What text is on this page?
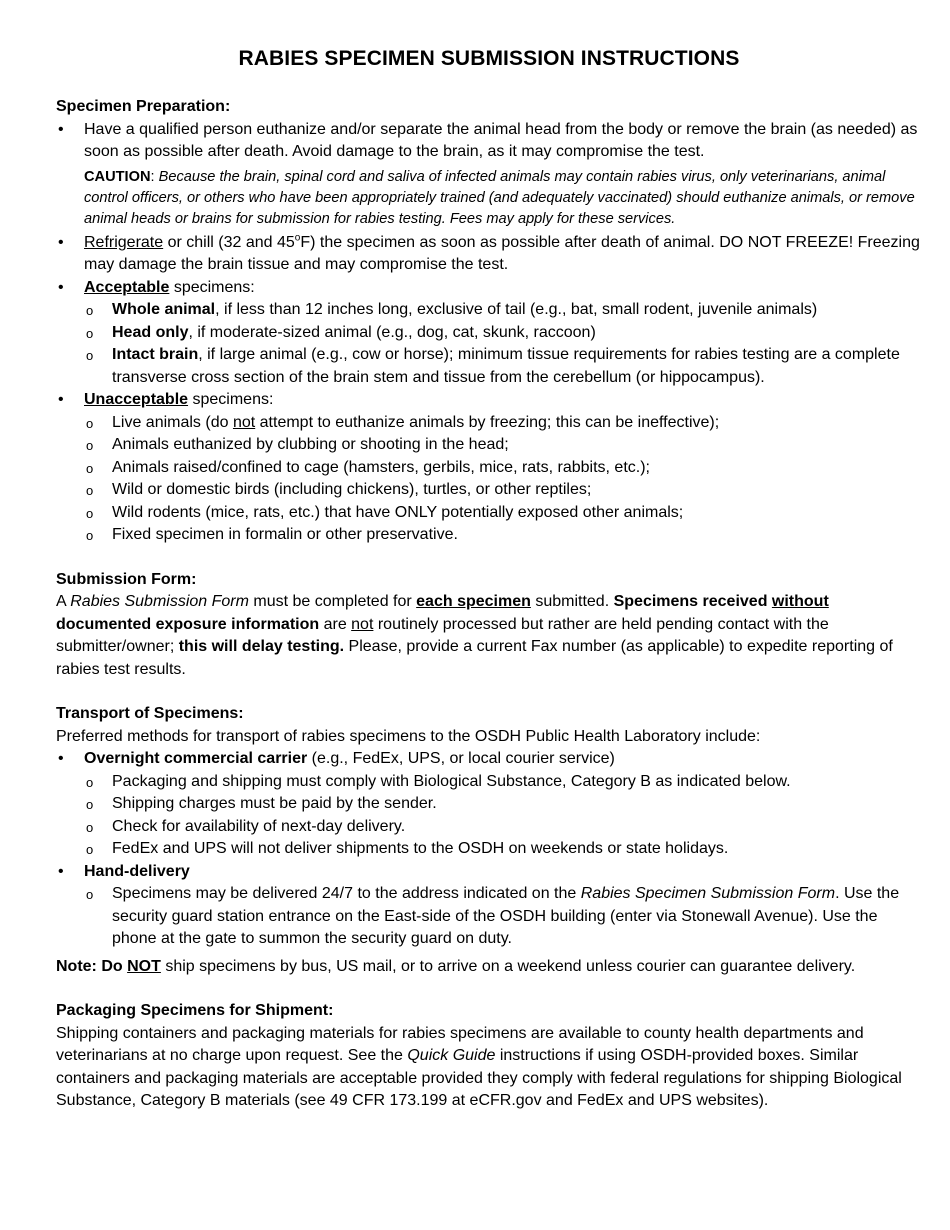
RABIES SPECIMEN SUBMISSION INSTRUCTIONS

Specimen Preparation:

• Have a qualified person euthanize and/or separate the animal head from the body or remove the brain (as needed) as soon as possible after death. Avoid damage to the brain, as it may compromise the test.
CAUTION: Because the brain, spinal cord and saliva of infected animals may contain rabies virus, only veterinarians, animal control officers, or others who have been appropriately trained (and adequately vaccinated) should euthanize animals, or remove animal heads or brains for submission for rabies testing. Fees may apply for these services.
• Refrigerate or chill (32 and 45$^o$F) the specimen as soon as possible after death of animal. DO NOT FREEZE! Freezing may damage the brain tissue and may compromise the test.
• Acceptable specimens:
o Whole animal, if less than 12 inches long, exclusive of tail (e.g., bat, small rodent, juvenile animals)
o Head only, if moderate-sized animal (e.g., dog, cat, skunk, raccoon)
o Intact brain, if large animal (e.g., cow or horse); minimum tissue requirements for rabies testing are a complete transverse cross section of the brain stem and tissue from the cerebellum (or hippocampus).
• Unacceptable specimens:
o Live animals (do not attempt to euthanize animals by freezing; this can be ineffective);
o Animals euthanized by clubbing or shooting in the head;
o Animals raised/confined to cage (hamsters, gerbils, mice, rats, rabbits, etc.);
o Wild or domestic birds (including chickens), turtles, or other reptiles;
o Wild rodents (mice, rats, etc.) that have ONLY potentially exposed other animals;
o Fixed specimen in formalin or other preservative.

Submission Form:

A Rabies Submission Form must be completed for each specimen submitted. Specimens received without documented exposure information are not routinely processed but rather are held pending contact with the submitter/owner; this will delay testing. Please, provide a current Fax number (as applicable) to expedite reporting of rabies test results.

Transport of Specimens:

Preferred methods for transport of rabies specimens to the OSDH Public Health Laboratory include:

• Overnight commercial carrier (e.g., FedEx, UPS, or local courier service)
o Packaging and shipping must comply with Biological Substance, Category B as indicated below.
o Shipping charges must be paid by the sender.
o Check for availability of next-day delivery.
o FedEx and UPS will not deliver shipments to the OSDH on weekends or state holidays.
• Hand-delivery
o Specimens may be delivered 24/7 to the address indicated on the Rabies Specimen Submission Form. Use the security guard station entrance on the East-side of the OSDH building (enter via Stonewall Avenue). Use the phone at the gate to summon the security guard on duty.

Note: Do NOT ship specimens by bus, US mail, or to arrive on a weekend unless courier can guarantee delivery.

Packaging Specimens for Shipment:

Shipping containers and packaging materials for rabies specimens are available to county health departments and veterinarians at no charge upon request. See the Quick Guide instructions if using OSDH-provided boxes. Similar containers and packaging materials are acceptable provided they comply with federal regulations for shipping Biological Substance, Category B materials (see 49 CFR 173.199 at eCFR.gov and FedEx and UPS websites).
